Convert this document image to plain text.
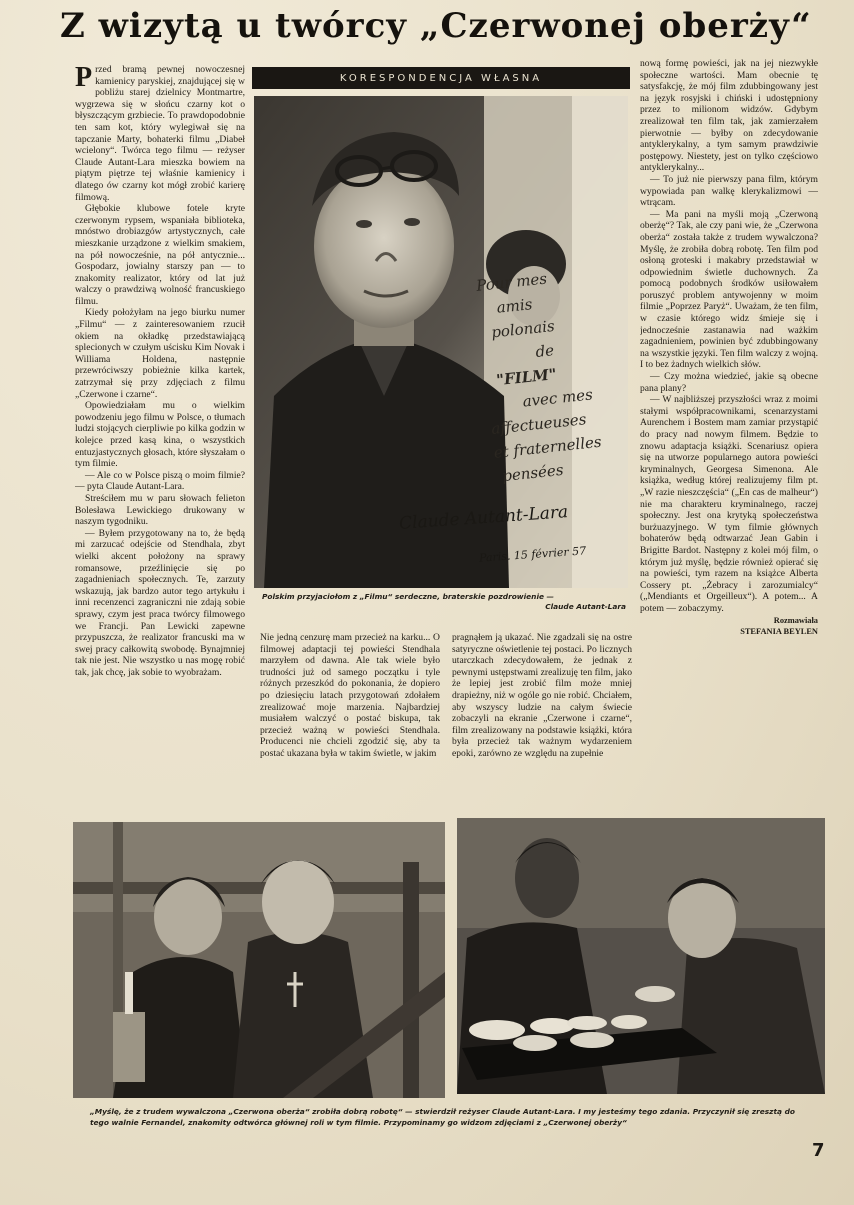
Z wizytą u twórcy „Czerwonej oberży“

Przed bramą pewnej nowoczesnej kamienicy paryskiej, znajdującej się w pobliżu starej dzielnicy Montmartre, wygrzewa się w słońcu czarny kot o błyszczącym grzbiecie. To prawdopodobnie ten sam kot, który wylegiwał się na tapczanie Marty, bohaterki filmu „Diabeł wcielony“. Twórca tego filmu — reżyser Claude Autant-Lara mieszka bowiem na piątym piętrze tej właśnie kamienicy i dlatego ów czarny kot mógł zrobić karierę filmową.

Głębokie klubowe fotele kryte czerwonym rypsem, wspaniała biblioteka, mnóstwo drobiazgów artystycznych, całe mieszkanie urządzone z wielkim smakiem, na pół nowocześnie, na pół antycznie... Gospodarz, jowialny starszy pan — to znakomity realizator, który od lat już walczy o prawdziwą wolność francuskiego filmu.

Kiedy położyłam na jego biurku numer „Filmu“ — z zainteresowaniem rzucił okiem na okładkę przedstawiającą splecionych w czułym uścisku Kim Novak i Williama Holdena, następnie przewróciwszy pobieżnie kilka kartek, zatrzymał się przy zdjęciach z filmu „Czerwone i czarne“.

Opowiedziałam mu o wielkim powodzeniu jego filmu w Polsce, o tłumach ludzi stojących cierpliwie po kilka godzin w kolejce przed kasą kina, o wszystkich entuzjastycznych głosach, które słyszałam o tym filmie.

— Ale co w Polsce piszą o moim filmie? — pyta Claude Autant-Lara.

Streściłem mu w paru słowach felieton Bolesława Lewickiego drukowany w naszym tygodniku.

— Byłem przygotowany na to, że będą mi zarzucać odejście od Stendhala, zbyt wielki akcent położony na sprawy romansowe, przeźlinięcie się po zagadnieniach społecznych. Te, zarzuty wskazują, jak bardzo autor tego artykułu i inni recenzenci zagraniczni nie zdają sobie sprawy, czym jest praca twórcy filmowego we Francji. Pan Lewicki zapewne przypuszcza, że realizator francuski ma w swej pracy całkowitą swobodę. Bynajmniej tak nie jest. Nie wszystko u nas mogę robić tak, jak chcę, jak sobie to wyobrażam.

KORESPONDENCJA WŁASNA
Pour mes
amis
polonais
de
"FILM"
avec mes
affectueuses
et fraternelles
pensées
Claude Autant-Lara
Paris. 15 février 57
Polskim przyjaciołom z „Filmu“ serdeczne, braterskie pozdrowienie —
Claude Autant-Lara

Nie jedną cenzurę mam przecież na karku... O filmowej adaptacji tej powieści Stendhala marzyłem od dawna. Ale tak wiele było trudności już od samego początku i tyle różnych przeszkód do pokonania, że dopiero po dziesięciu latach przygotowań zdołałem zrealizować moje marzenia. Najbardziej musiałem walczyć o postać biskupa, tak przecież ważną w powieści Stendhala. Producenci nie chcieli zgodzić się, aby ta postać ukazana była w takim świetle, w jakim

pragnąłem ją ukazać. Nie zgadzali się na ostre satyryczne oświetlenie tej postaci. Po licznych utarczkach zdecydowałem, że jednak z pewnymi ustępstwami zrealizuję ten film, jako że lepiej jest zrobić film może mniej drapieżny, niż w ogóle go nie robić. Chciałem, aby wszyscy ludzie na całym świecie zobaczyli na ekranie „Czerwone i czarne“, film zrealizowany na podstawie książki, która była przecież tak ważnym wydarzeniem epoki, zarówno ze względu na zupełnie

nową formę powieści, jak na jej niezwykłe społeczne wartości. Mam obecnie tę satysfakcję, że mój film zdubbingowany jest na język rosyjski i chiński i udostępniony przez to milionom widzów. Gdybym zrealizował ten film tak, jak zamierzałem pierwotnie — byłby on zdecydowanie antyklerykalny, a tym samym prawdziwie postępowy. Niestety, jest on tylko częściowo antyklerykalny...

— To już nie pierwszy pana film, którym wypowiada pan walkę klerykalizmowi — wtrącam.

— Ma pani na myśli moją „Czerwoną oberżę“? Tak, ale czy pani wie, że „Czerwona oberża“ została także z trudem wywalczona? Myślę, że zrobiła dobrą robotę. Ten film pod osłoną groteski i makabry przedstawiał w odpowiednim świetle duchownych. Za pomocą podobnych środków usiłowałem poruszyć problem antywojenny w moim filmie „Poprzez Paryż“. Uważam, że ten film, w czasie którego widz śmieje się i jednocześnie zastanawia nad ważkim zagadnieniem, powinien być zdubbingowany na wszystkie języki. Ten film walczy z wojną. I to bez żadnych wielkich słów.

— Czy można wiedzieć, jakie są obecne pana plany?

— W najbliższej przyszłości wraz z moimi stałymi współpracownikami, scenarzystami Aurenchem i Bostem mam zamiar przystąpić do pracy nad nowym filmem. Będzie to znowu adaptacja książki. Scenariusz opiera się na utworze popularnego autora powieści kryminalnych, Georgesa Simenona. Ale książka, według której realizujemy film pt. „W razie nieszczęścia“ („En cas de malheur“) nie ma charakteru kryminalnego, raczej społeczny. Jest ona krytyką społeczeństwa burżuazyjnego. W tym filmie głównych bohaterów będą odtwarzać Jean Gabin i Brigitte Bardot. Następny z kolei mój film, o którym już myślę, będzie również opierać się na powieści, tym razem na książce Alberta Cossery pt. „Żebracy i zarozumialcy“ („Mendiants et Orgeilleux“). A potem... A potem — zobaczymy.

Rozmawiała

STEFANIA BEYLEN

„Myślę, że z trudem wywalczona „Czerwona oberża“ zrobiła dobrą robotę“ — stwierdził reżyser Claude Autant-Lara. I my jesteśmy tego zdania. Przyczynił się zresztą do tego walnie Fernandel, znakomity odtwórca głównej roli w tym filmie. Przypominamy go widzom zdjęciami z „Czerwonej oberży“
7
